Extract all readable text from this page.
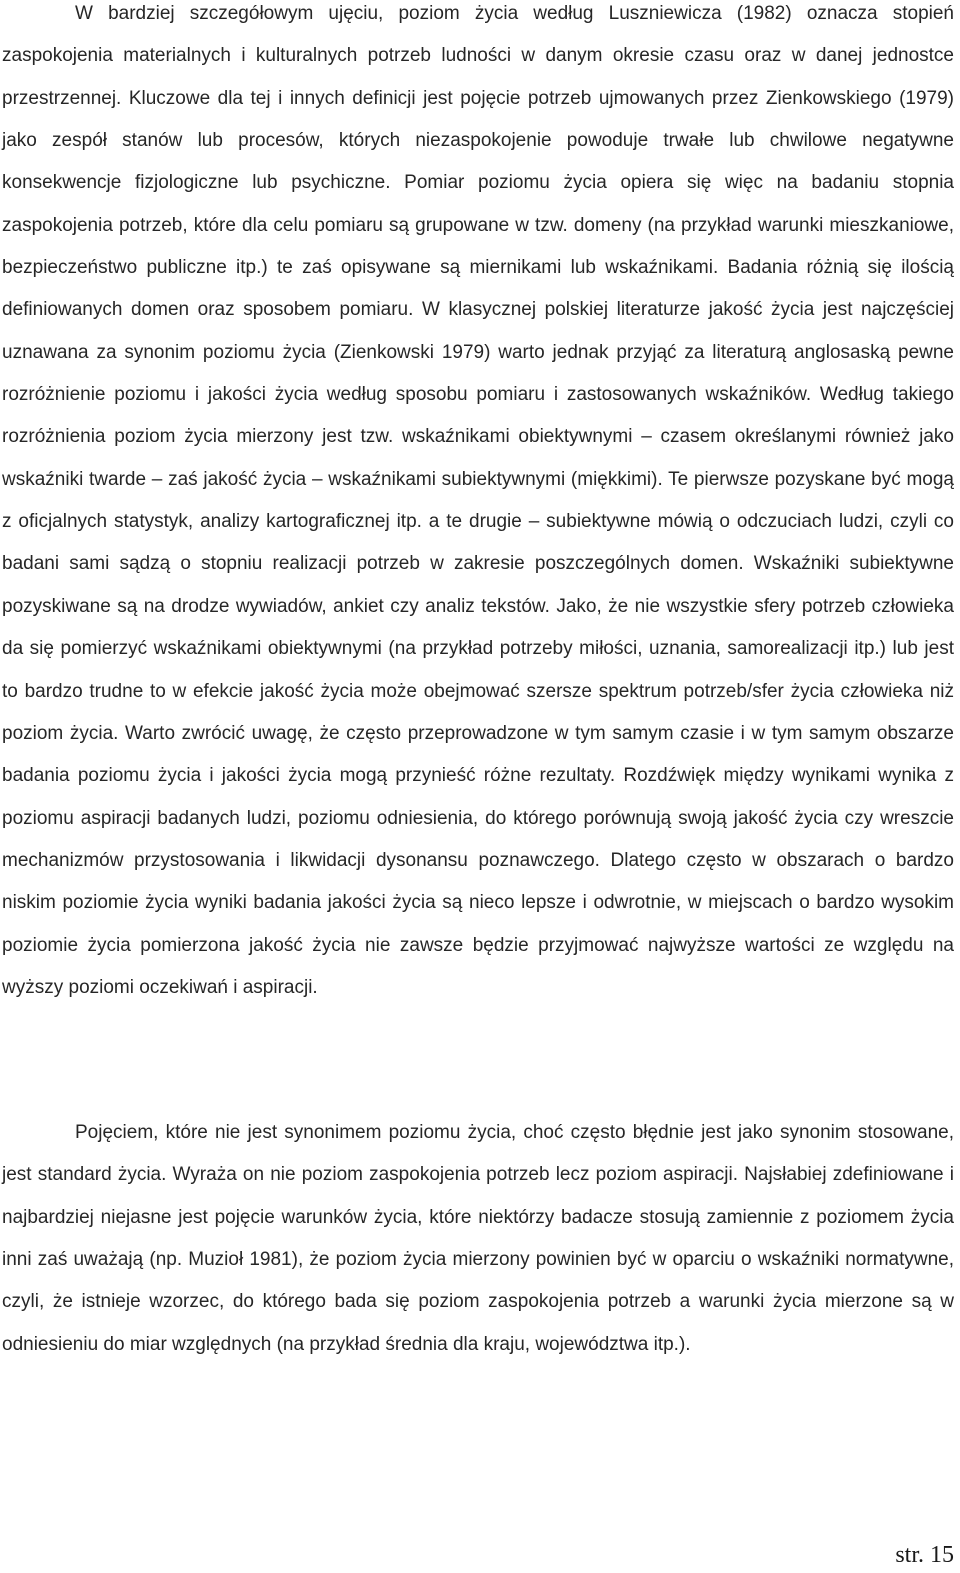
W bardziej szczegółowym ujęciu, poziom życia według Luszniewicza (1982) oznacza stopień zaspokojenia materialnych i kulturalnych potrzeb ludności w danym okresie czasu oraz w danej jednostce przestrzennej. Kluczowe dla tej i innych definicji jest pojęcie potrzeb ujmowanych przez Zienkowskiego (1979) jako zespół stanów lub procesów, których niezaspokojenie powoduje trwałe lub chwilowe negatywne konsekwencje fizjologiczne lub psychiczne. Pomiar poziomu życia opiera się więc na badaniu stopnia zaspokojenia potrzeb, które dla celu pomiaru są grupowane w tzw. domeny (na przykład warunki mieszkaniowe, bezpieczeństwo publiczne itp.) te zaś opisywane są miernikami lub wskaźnikami. Badania różnią się ilością definiowanych domen oraz sposobem pomiaru. W klasycznej polskiej literaturze jakość życia jest najczęściej uznawana za synonim poziomu życia (Zienkowski 1979) warto jednak przyjąć za literaturą anglosaską pewne rozróżnienie poziomu i jakości życia według sposobu pomiaru i zastosowanych wskaźników. Według takiego rozróżnienia poziom życia mierzony jest tzw. wskaźnikami obiektywnymi – czasem określanymi również jako wskaźniki twarde – zaś jakość życia – wskaźnikami subiektywnymi (miękkimi). Te pierwsze pozyskane być mogą z oficjalnych statystyk, analizy kartograficznej itp. a te drugie – subiektywne mówią o odczuciach ludzi, czyli co badani sami sądzą o stopniu realizacji potrzeb w zakresie poszczególnych domen. Wskaźniki subiektywne pozyskiwane są na drodze wywiadów, ankiet czy analiz tekstów. Jako, że nie wszystkie sfery potrzeb człowieka da się pomierzyć wskaźnikami obiektywnymi (na przykład potrzeby miłości, uznania, samorealizacji itp.) lub jest to bardzo trudne to w efekcie jakość życia może obejmować szersze spektrum potrzeb/sfer życia człowieka niż poziom życia. Warto zwrócić uwagę, że często przeprowadzone w tym samym czasie i w tym samym obszarze badania poziomu życia i jakości życia mogą przynieść różne rezultaty. Rozdźwięk między wynikami wynika z poziomu aspiracji badanych ludzi, poziomu odniesienia, do którego porównują swoją jakość życia czy wreszcie mechanizmów przystosowania i likwidacji dysonansu poznawczego. Dlatego często w obszarach o bardzo niskim poziomie życia wyniki badania jakości życia są nieco lepsze i odwrotnie, w miejscach o bardzo wysokim poziomie życia pomierzona jakość życia nie zawsze będzie przyjmować najwyższe wartości ze względu na wyższy poziomi oczekiwań i aspiracji.

Pojęciem, które nie jest synonimem poziomu życia, choć często błędnie jest jako synonim stosowane, jest standard życia. Wyraża on nie poziom zaspokojenia potrzeb lecz poziom aspiracji. Najsłabiej zdefiniowane i najbardziej niejasne jest pojęcie warunków życia, które niektórzy badacze stosują zamiennie z poziomem życia inni zaś uważają (np. Muzioł 1981), że poziom życia mierzony powinien być w oparciu o wskaźniki normatywne, czyli, że istnieje wzorzec, do którego bada się poziom zaspokojenia potrzeb a warunki życia mierzone są w odniesieniu do miar względnych (na przykład średnia dla kraju, województwa itp.).

str. 15
